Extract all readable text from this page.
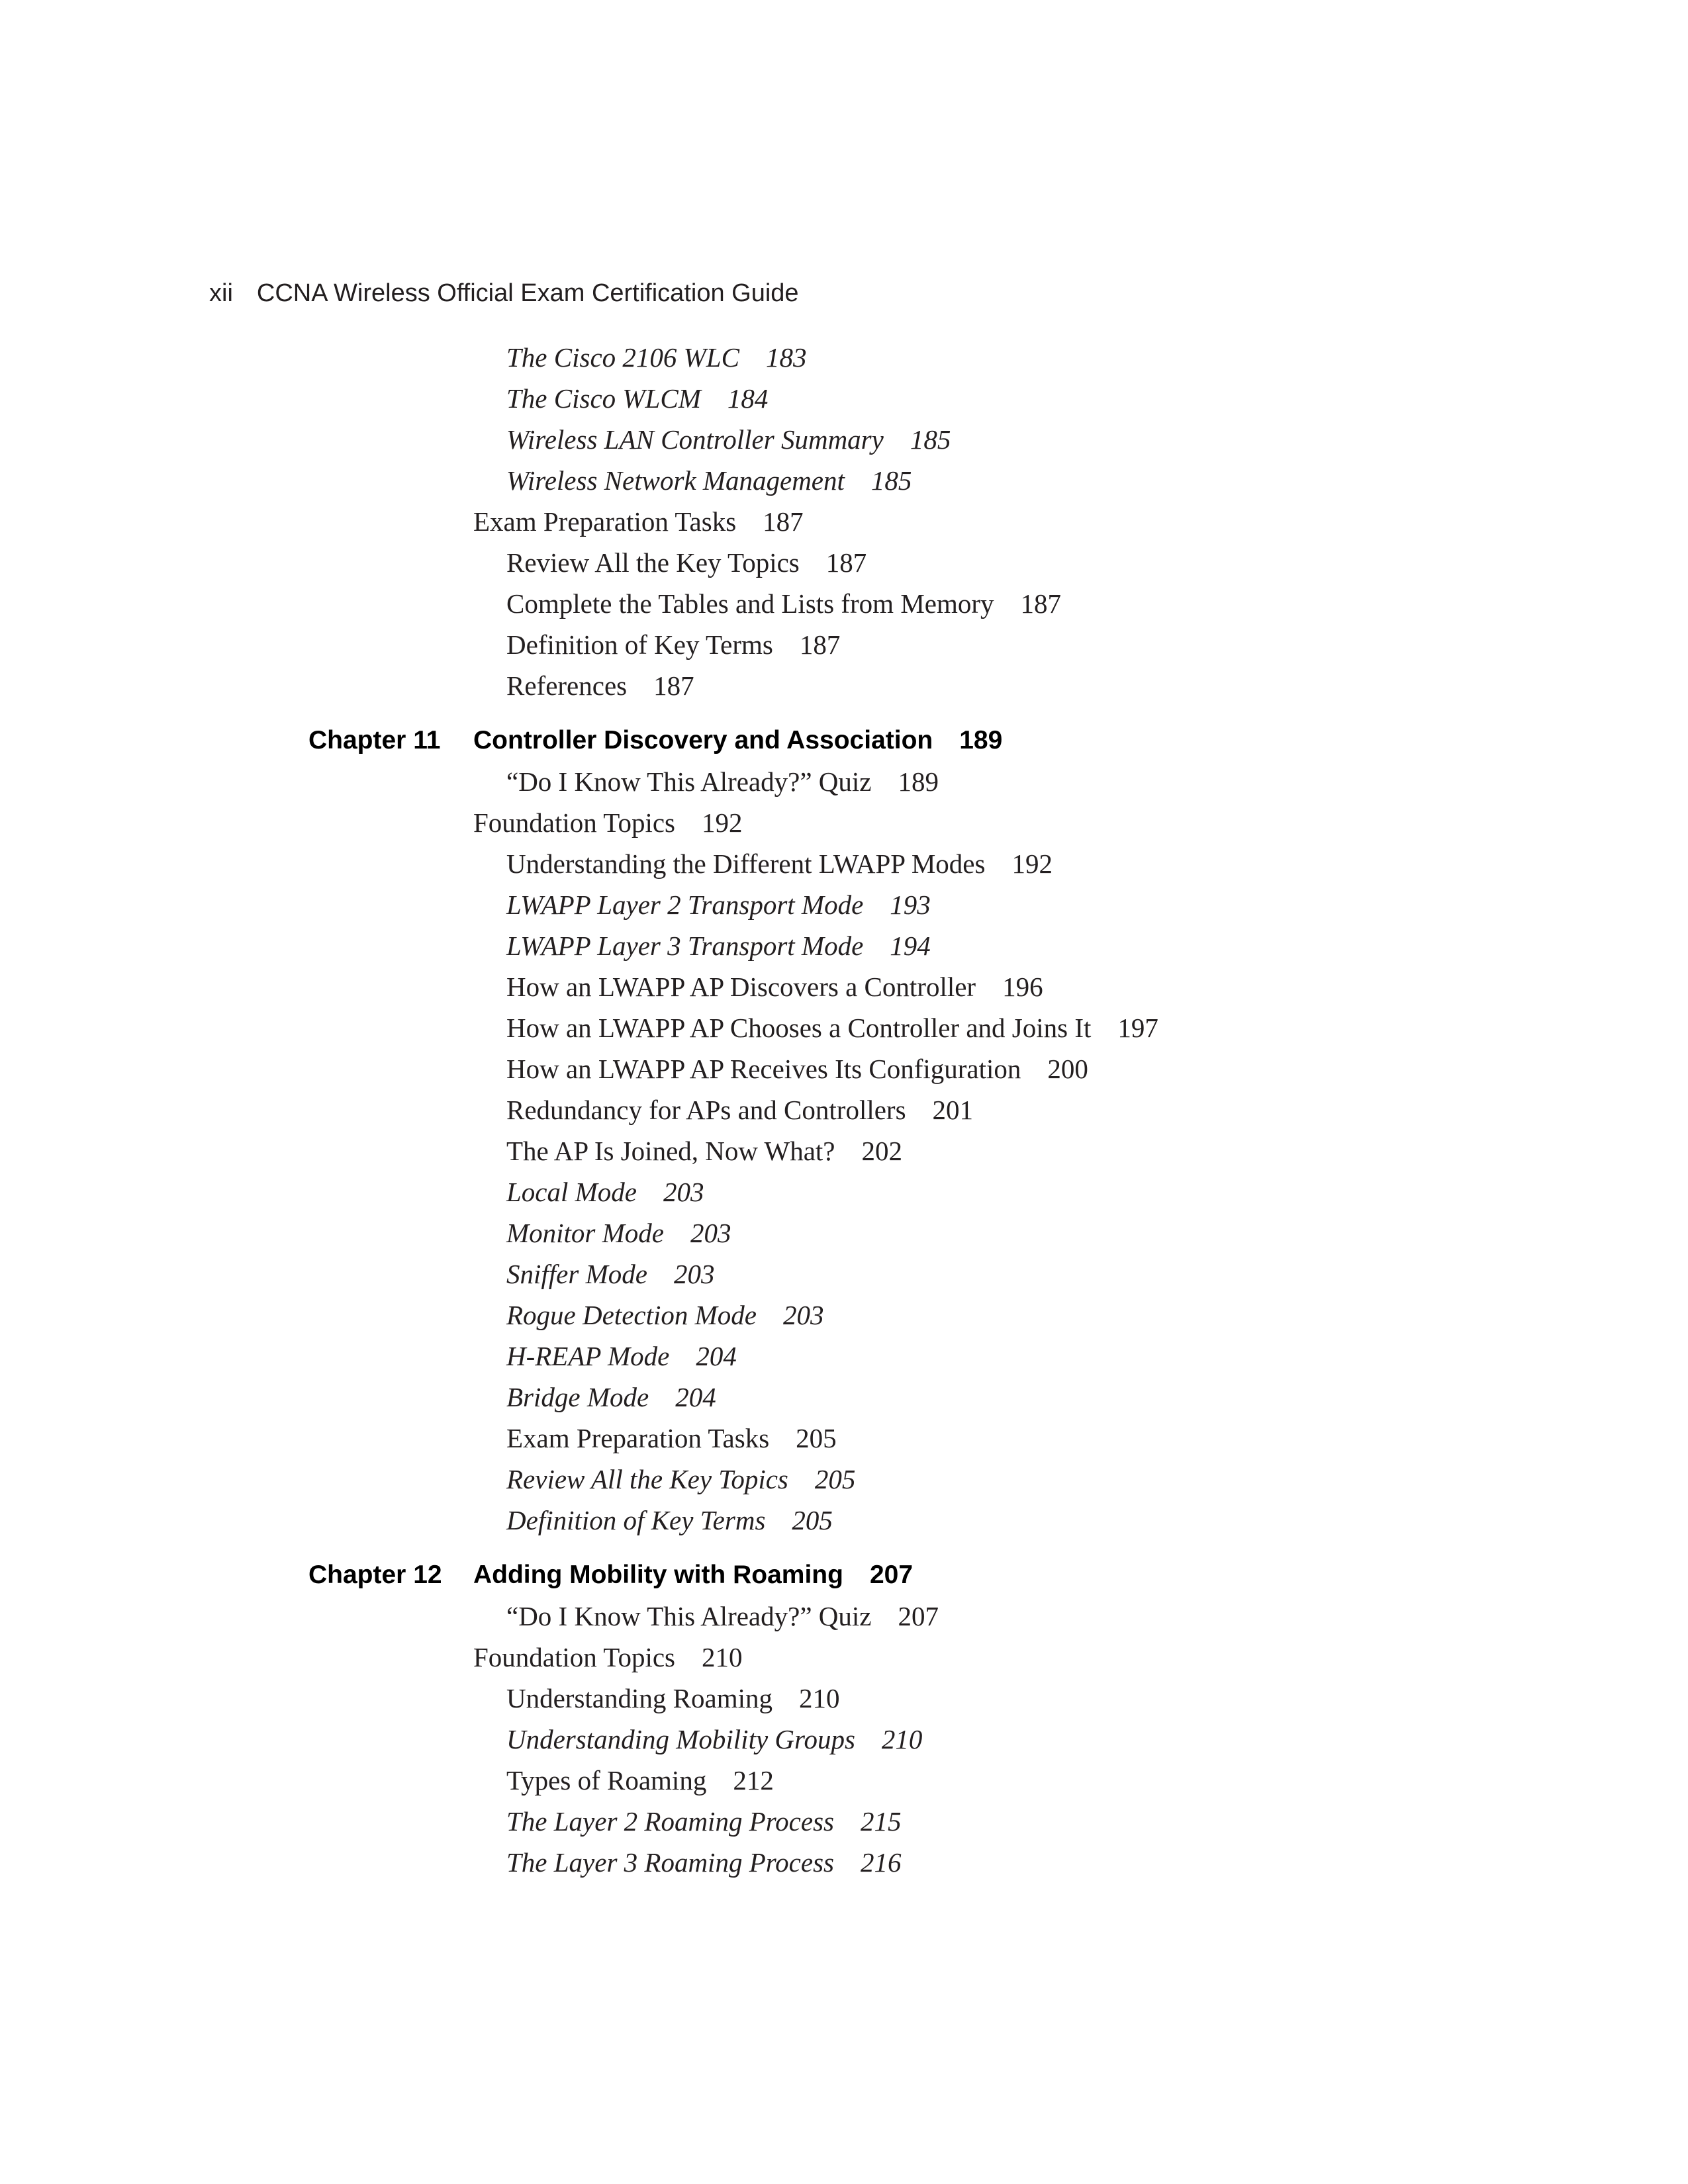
xii CCNA Wireless Official Exam Certification Guide
The Cisco 2106 WLC 183
The Cisco WLCM 184
Wireless LAN Controller Summary 185
Wireless Network Management 185
Exam Preparation Tasks 187
Review All the Key Topics 187
Complete the Tables and Lists from Memory 187
Definition of Key Terms 187
References 187
Chapter 11 Controller Discovery and Association 189
“Do I Know This Already?” Quiz 189
Foundation Topics 192
Understanding the Different LWAPP Modes 192
LWAPP Layer 2 Transport Mode 193
LWAPP Layer 3 Transport Mode 194
How an LWAPP AP Discovers a Controller 196
How an LWAPP AP Chooses a Controller and Joins It 197
How an LWAPP AP Receives Its Configuration 200
Redundancy for APs and Controllers 201
The AP Is Joined, Now What? 202
Local Mode 203
Monitor Mode 203
Sniffer Mode 203
Rogue Detection Mode 203
H-REAP Mode 204
Bridge Mode 204
Exam Preparation Tasks 205
Review All the Key Topics 205
Definition of Key Terms 205
Chapter 12 Adding Mobility with Roaming 207
“Do I Know This Already?” Quiz 207
Foundation Topics 210
Understanding Roaming 210
Understanding Mobility Groups 210
Types of Roaming 212
The Layer 2 Roaming Process 215
The Layer 3 Roaming Process 216
